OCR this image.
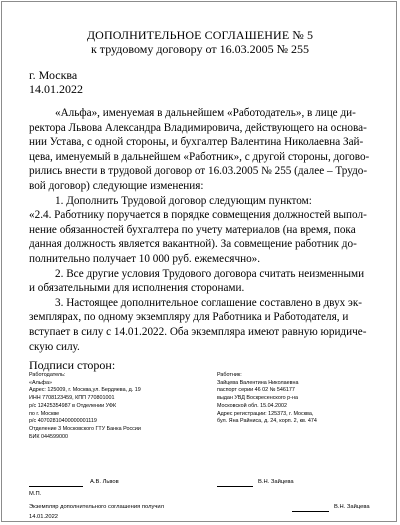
ДОПОЛНИТЕЛЬНОЕ СОГЛАШЕНИЕ № 5
к трудовому договору от 16.03.2005 № 255
г. Москва
14.01.2022

«Альфа», именуемая в дальнейшем «Работодатель», в лице ди-
ректора Львова Александра Владимировича, действующего на основа-
нии Устава, с одной стороны, и бухгалтер Валентина Николаевна Зай-
цева, именуемый в дальнейшем «Работник», с другой стороны, догово-
рились внести в трудовой договор от 16.03.2005 № 255 (далее – Трудо-
вой договор) следующие изменения:

1. Дополнить Трудовой договор следующим пунктом:
«2.4. Работнику поручается в порядке совмещения должностей выпол-
нение обязанностей бухгалтера по учету материалов (на время, пока
данная должность является вакантной). За совмещение работник до-
полнительно получает 10 000 руб. ежемесячно».

2. Все другие условия Трудового договора считать неизменными
и обязательными для исполнения сторонами.

3. Настоящее дополнительное соглашение составлено в двух эк-
земплярах, по одному экземпляру для Работника и Работодателя, и
вступает в силу с 14.01.2022. Оба экземпляра имеют равную юридиче-
скую силу.

Подписи сторон:
Работодатель:
«Альфа»
Адрес: 125009, г. Москва,ул. Бердяева, д. 19
ИНН 7708123459, КПП 770801001
р/с 12425354987 в Отделении УФК
по г. Москве
р/с 40702810400000001119
Отделение 3 Московского ГТУ Банка России
БИК 044599000
Работник:
Зайцева Валентина Николаевна
паспорт серии 46 02 № 546177
выдан УВД Воскресенского р-на
Московской обл. 15.04.2002
Адрес регистрации: 125373, г. Москва,
бул. Яна Райниса, д. 24, корп. 2, кв. 474
А.В. Львов	В.Н. Зайцева
М.П.
Экземпляр дополнительного соглашения получил	В.Н. Зайцева
14.01.2022
